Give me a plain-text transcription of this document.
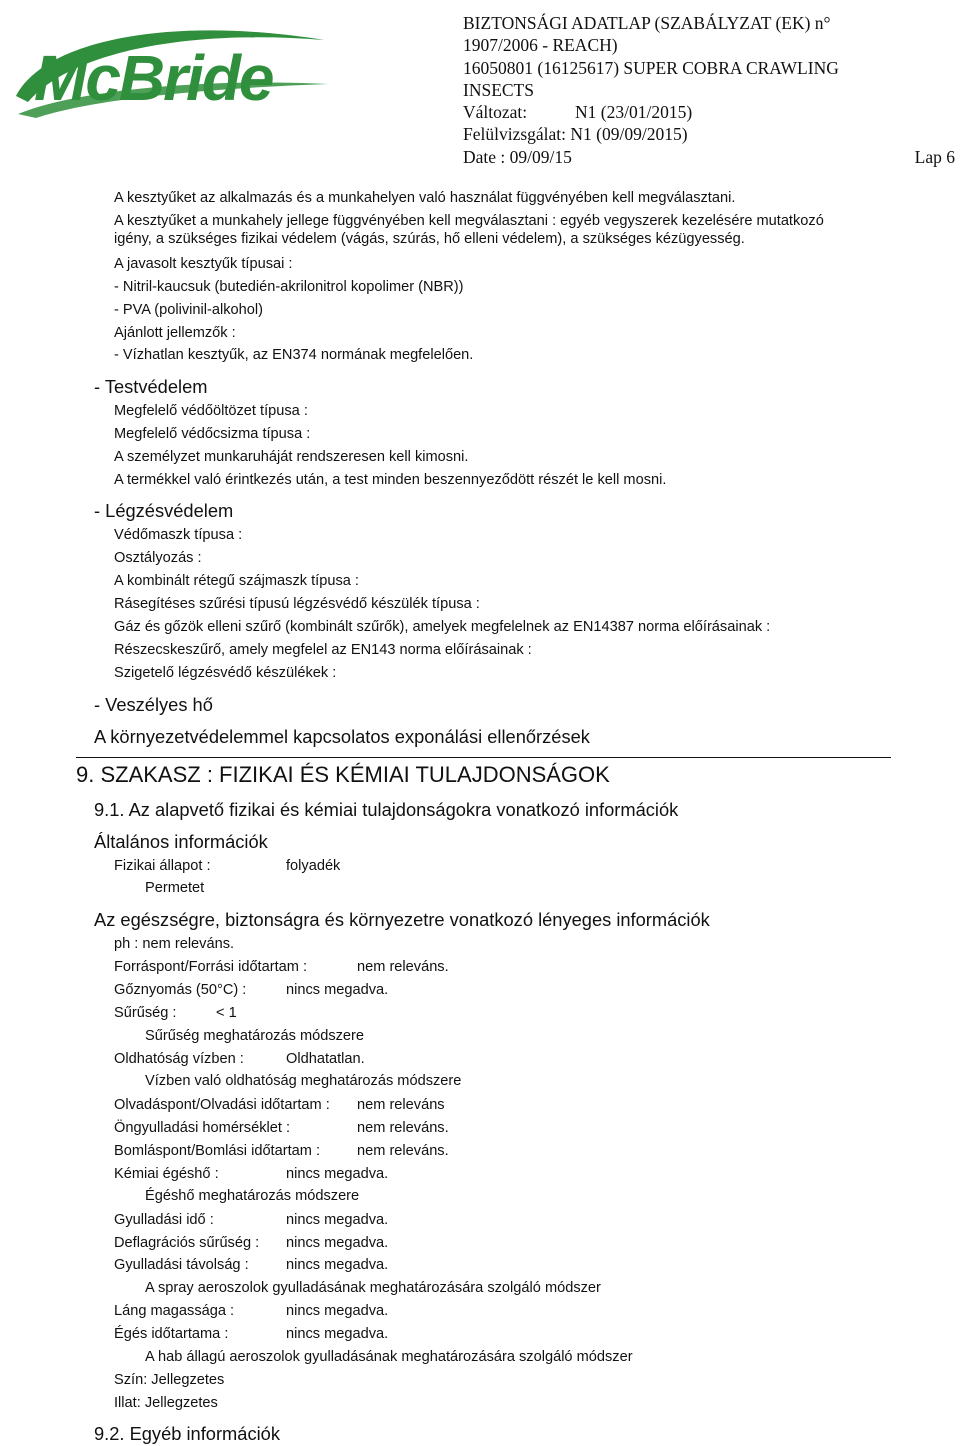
McBride
BIZTONSÁGI ADATLAP (SZABÁLYZAT (EK) n°
1907/2006 - REACH)
16050801 (16125617) SUPER COBRA CRAWLING
INSECTS
Változat:	N1 (23/01/2015)
Felülvizsgálat: N1 (09/09/2015)
Date : 09/09/15	Lap 6
A kesztyűket az alkalmazás és a munkahelyen való használat függvényében kell megválasztani.
A kesztyűket a munkahely jellege függvényében kell megválasztani : egyéb vegyszerek kezelésére mutatkozó
igény, a szükséges fizikai védelem (vágás, szúrás, hő elleni védelem), a szükséges kézügyesség.
A javasolt kesztyűk típusai :
- Nitril-kaucsuk (butedién-akrilonitrol kopolimer (NBR))
- PVA (polivinil-alkohol)
Ajánlott jellemzők :
- Vízhatlan kesztyűk, az EN374 normának megfelelően.
- Testvédelem
Megfelelő védőöltözet típusa :
Megfelelő védőcsizma típusa :
A személyzet munkaruháját rendszeresen kell kimosni.
A termékkel való érintkezés után, a test minden beszennyeződött részét le kell mosni.
- Légzésvédelem
Védőmaszk típusa :
Osztályozás :
A kombinált rétegű szájmaszk típusa :
Rásegítéses szűrési típusú légzésvédő készülék típusa :
Gáz és gőzök elleni szűrő (kombinált szűrők), amelyek megfelelnek az EN14387 norma előírásainak :
Részecskeszűrő, amely megfelel az EN143 norma előírásainak :
Szigetelő légzésvédő készülékek :
- Veszélyes hő
A környezetvédelemmel kapcsolatos exponálási ellenőrzések
9. SZAKASZ : FIZIKAI ÉS KÉMIAI TULAJDONSÁGOK
9.1. Az alapvető fizikai és kémiai tulajdonságokra vonatkozó információk
Általános információk
Fizikai állapot :	folyadék
Permetet
Az egészségre, biztonságra és környezetre vonatkozó lényeges információk
ph : nem releváns.
Forráspont/Forrási időtartam :	nem releváns.
Gőznyomás (50°C) :	nincs megadva.
Sűrűség :	< 1
Sűrűség meghatározás módszere
Oldhatóság vízben :	Oldhatatlan.
Vízben való oldhatóság meghatározás módszere
Olvadáspont/Olvadási időtartam : nem releváns
Öngyulladási homérséklet :	nem releváns.
Bomláspont/Bomlási időtartam :	nem releváns.
Kémiai égéshő :	nincs megadva.
Égéshő meghatározás módszere
Gyulladási idő :	nincs megadva.
Deflagrációs sűrűség : nincs megadva.
Gyulladási távolság :	nincs megadva.
A spray aeroszolok gyulladásának meghatározására szolgáló módszer
Láng magassága :	nincs megadva.
Égés időtartama :	nincs megadva.
A hab állagú aeroszolok gyulladásának meghatározására szolgáló módszer
Szín: Jellegzetes
Illat: Jellegzetes
9.2. Egyéb információk
